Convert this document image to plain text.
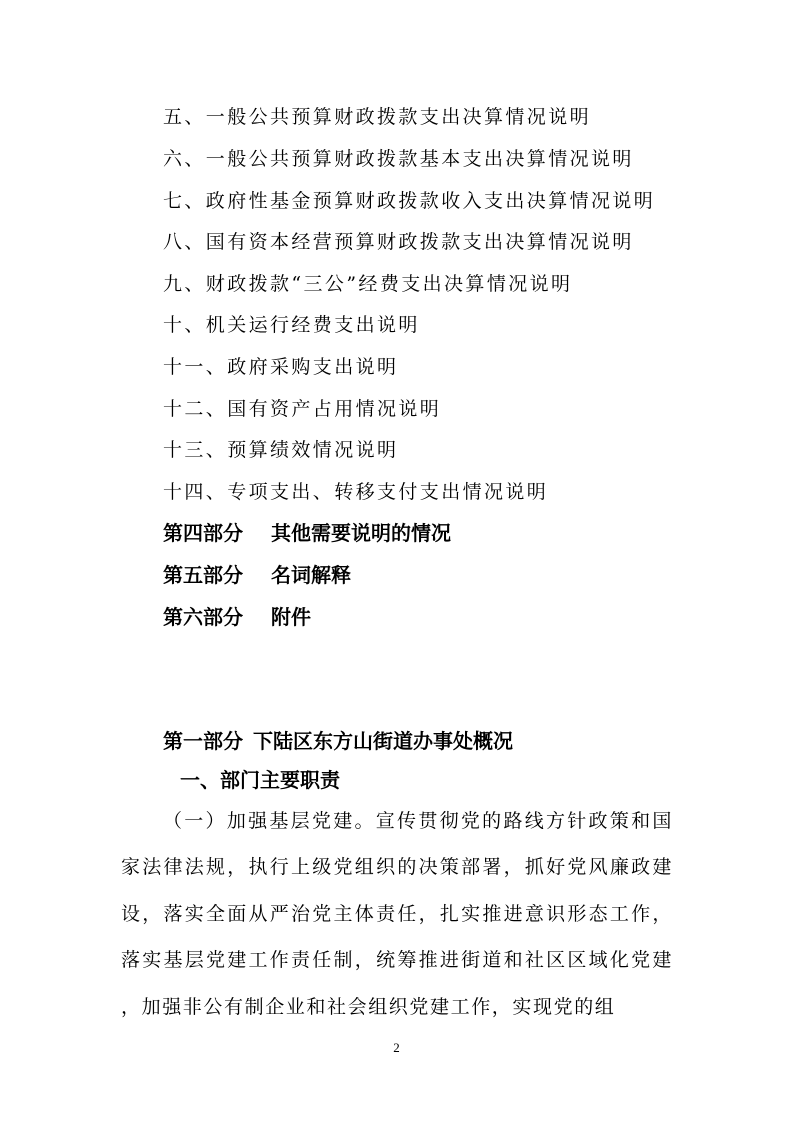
五、一般公共预算财政拨款支出决算情况说明
六、一般公共预算财政拨款基本支出决算情况说明
七、政府性基金预算财政拨款收入支出决算情况说明
八、国有资本经营预算财政拨款支出决算情况说明
九、财政拨款“三公”经费支出决算情况说明
十、机关运行经费支出说明
十一、政府采购支出说明
十二、国有资产占用情况说明
十三、预算绩效情况说明
十四、专项支出、转移支付支出情况说明
第四部分 其他需要说明的情况
第五部分 名词解释
第六部分 附件
第一部分 下陆区东方山街道办事处概况
一、部门主要职责
（一）加强基层党建。宣传贯彻党的路线方针政策和国家法律法规，执行上级党组织的决策部署，抓好党风廉政建设，落实全面从严治党主体责任，扎实推进意识形态工作，落实基层党建工作责任制，统筹推进街道和社区区域化党建 ，加强非公有制企业和社会组织党建工作，实现党的组
2
